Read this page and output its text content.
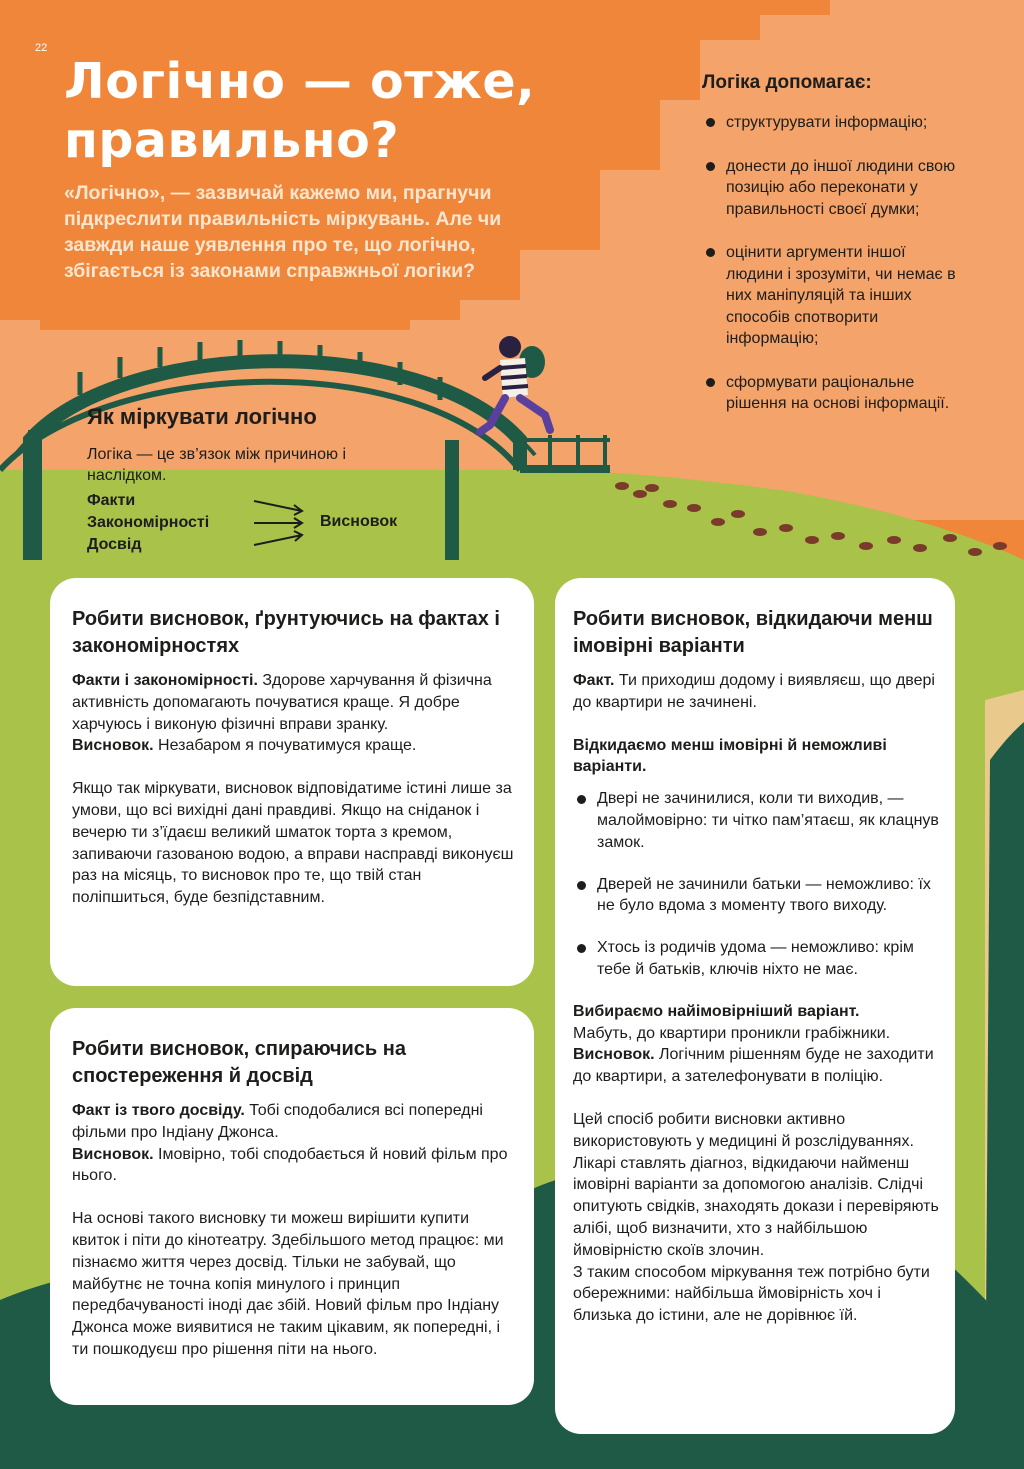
22
Логічно — отже, правильно?

«Логічно», — зазвичай кажемо ми, прагнучи підкреслити правильність міркувань. Але чи завжди наше уявлення про те, що логічно, збігається із законами справжньої логіки?

Логіка допомагає:
структурувати інформацію;
донести до іншої людини свою позицію або переконати у правильності своєї думки;
оцінити аргументи іншої людини і зрозуміти, чи немає в них маніпуляцій та інших способів спотворити інформацію;
сформувати раціональне рішення на основі інформації.
Як міркувати логічно

Логіка — це зв’язок між причиною і наслідком.

Факти
Закономірності
Досвід
Висновок
Робити висновок, ґрунтуючись на фактах і закономірностях

Факти і закономірності. Здорове харчування й фізична активність допомагають почуватися краще. Я добре харчуюсь і виконую фізичні вправи зранку.

Висновок. Незабаром я почуватимуся краще.

Якщо так міркувати, висновок відповідатиме істині лише за умови, що всі вихідні дані правдиві. Якщо на сніданок і вечерю ти з’їдаєш великий шматок торта з кремом, запиваючи газованою водою, а вправи насправді виконуєш раз на місяць, то висновок про те, що твій стан поліпшиться, буде безпідставним.

Робити висновок, спираючись на спостереження й досвід

Факт із твого досвіду. Тобі сподобалися всі попередні фільми про Індіану Джонса.

Висновок. Імовірно, тобі сподобається й новий фільм про нього.

На основі такого висновку ти можеш вирішити купити квиток і піти до кінотеатру. Здебільшого метод працює: ми пізнаємо життя через досвід. Тільки не забувай, що майбутнє не точна копія минулого і принцип передбачуваності іноді дає збій. Новий фільм про Індіану Джонса може виявитися не таким цікавим, як попередні, і ти пошкодуєш про рішення піти на нього.

Робити висновок, відкидаючи менш імовірні варіанти

Факт. Ти приходиш додому і виявляєш, що двері до квартири не зачинені.

Відкидаємо менш імовірні й неможливі варіанти.

Двері не зачинилися, коли ти виходив, — малоймовірно: ти чітко пам’ятаєш, як клацнув замок.
Дверей не зачинили батьки — неможливо: їх не було вдома з моменту твого виходу.
Хтось із родичів удома — неможливо: крім тебе й батьків, ключів ніхто не має.

Вибираємо найімовірніший варіант.
Мабуть, до квартири проникли грабіжники.

Висновок. Логічним рішенням буде не заходити до квартири, а зателефонувати в поліцію.

Цей спосіб робити висновки активно використовують у медицині й розслідуваннях. Лікарі ставлять діагноз, відкидаючи найменш імовірні варіанти за допомогою аналізів. Слідчі опитують свідків, знаходять докази і перевіряють алібі, щоб визначити, хто з найбільшою ймовірністю скоїв злочин.

З таким способом міркування теж потрібно бути обережними: найбільша ймовірність хоч і близька до істини, але не дорівнює їй.
